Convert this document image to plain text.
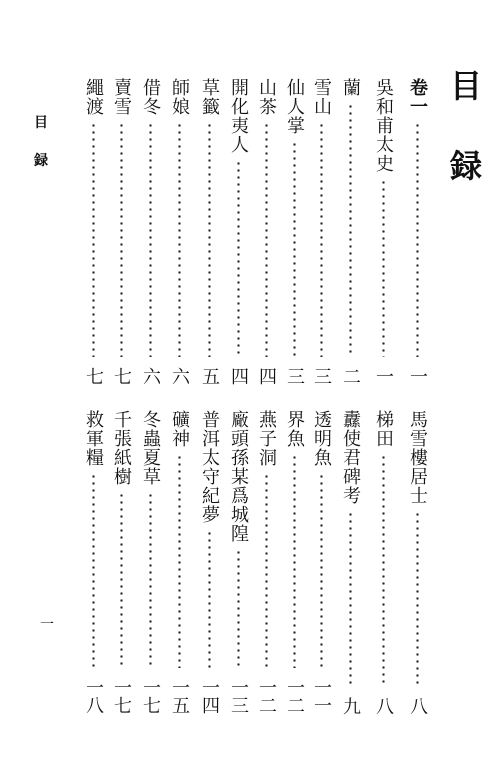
目
録
目
録
一
卷一
一
吳和甫太史
一
蘭
二
雪山
三
仙人掌
三
山茶
四
開化夷人
四
草籤
五
師娘
六
借冬
六
賣雪
七
繩渡
七
馬雪樓居士
八
梯田
八
纛使君碑考
九
透明魚
一一
界魚
一二
燕子洞
一二
廠頭孫某爲城隍
一三
普洱太守紀夢
一四
礦神
一五
冬蟲夏草
一七
千張紙樹
一七
救軍糧
一八
